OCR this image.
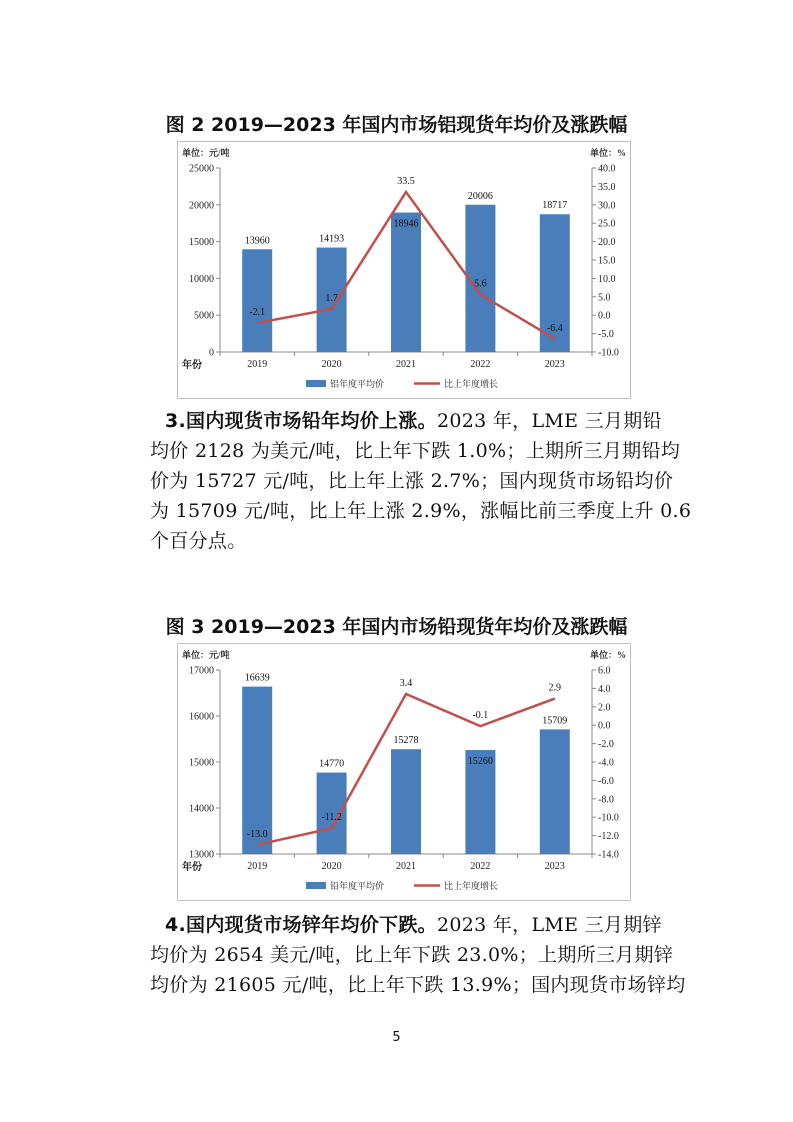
图 2 2019—2023 年国内市场铝现货年均价及涨跌幅
单位：元/吨	单位：%
0
5000
10000
15000
20000
25000
-10.0
-5.0
0.0
5.0
10.0
15.0
20.0
25.0
30.0
35.0
40.0
2019	2020	2021	2022	2023
年份
13960	14193
18946
20006
18717
-2.1
1.7
33.5
5.6
-6.4
铝年度平均价	比上年度增长
3.国内现货市场铅年均价上涨。2023 年，LME 三月期铅
均价 2128 为美元/吨，比上年下跌 1.0%；上期所三月期铅均
价为 15727 元/吨，比上年上涨 2.7%；国内现货市场铅均价
为 15709 元/吨，比上年上涨 2.9%，涨幅比前三季度上升 0.6
个百分点。
图 3 2019—2023 年国内市场铅现货年均价及涨跌幅
单位：元/吨	单位：%
13000
14000
15000
16000
17000
-14.0
-12.0
-10.0
-8.0
-6.0
-4.0
-2.0
0.0
2.0
4.0
6.0
2019	2020	2021	2022	2023
年份
16639
14770
15278
15260
15709
-13.0
-11.2
3.4
-0.1
2.9
铅年度平均价	比上年度增长
4.国内现货市场锌年均价下跌。2023 年，LME 三月期锌
均价为 2654 美元/吨，比上年下跌 23.0%；上期所三月期锌
均价为 21605 元/吨，比上年下跌 13.9%；国内现货市场锌均
5
